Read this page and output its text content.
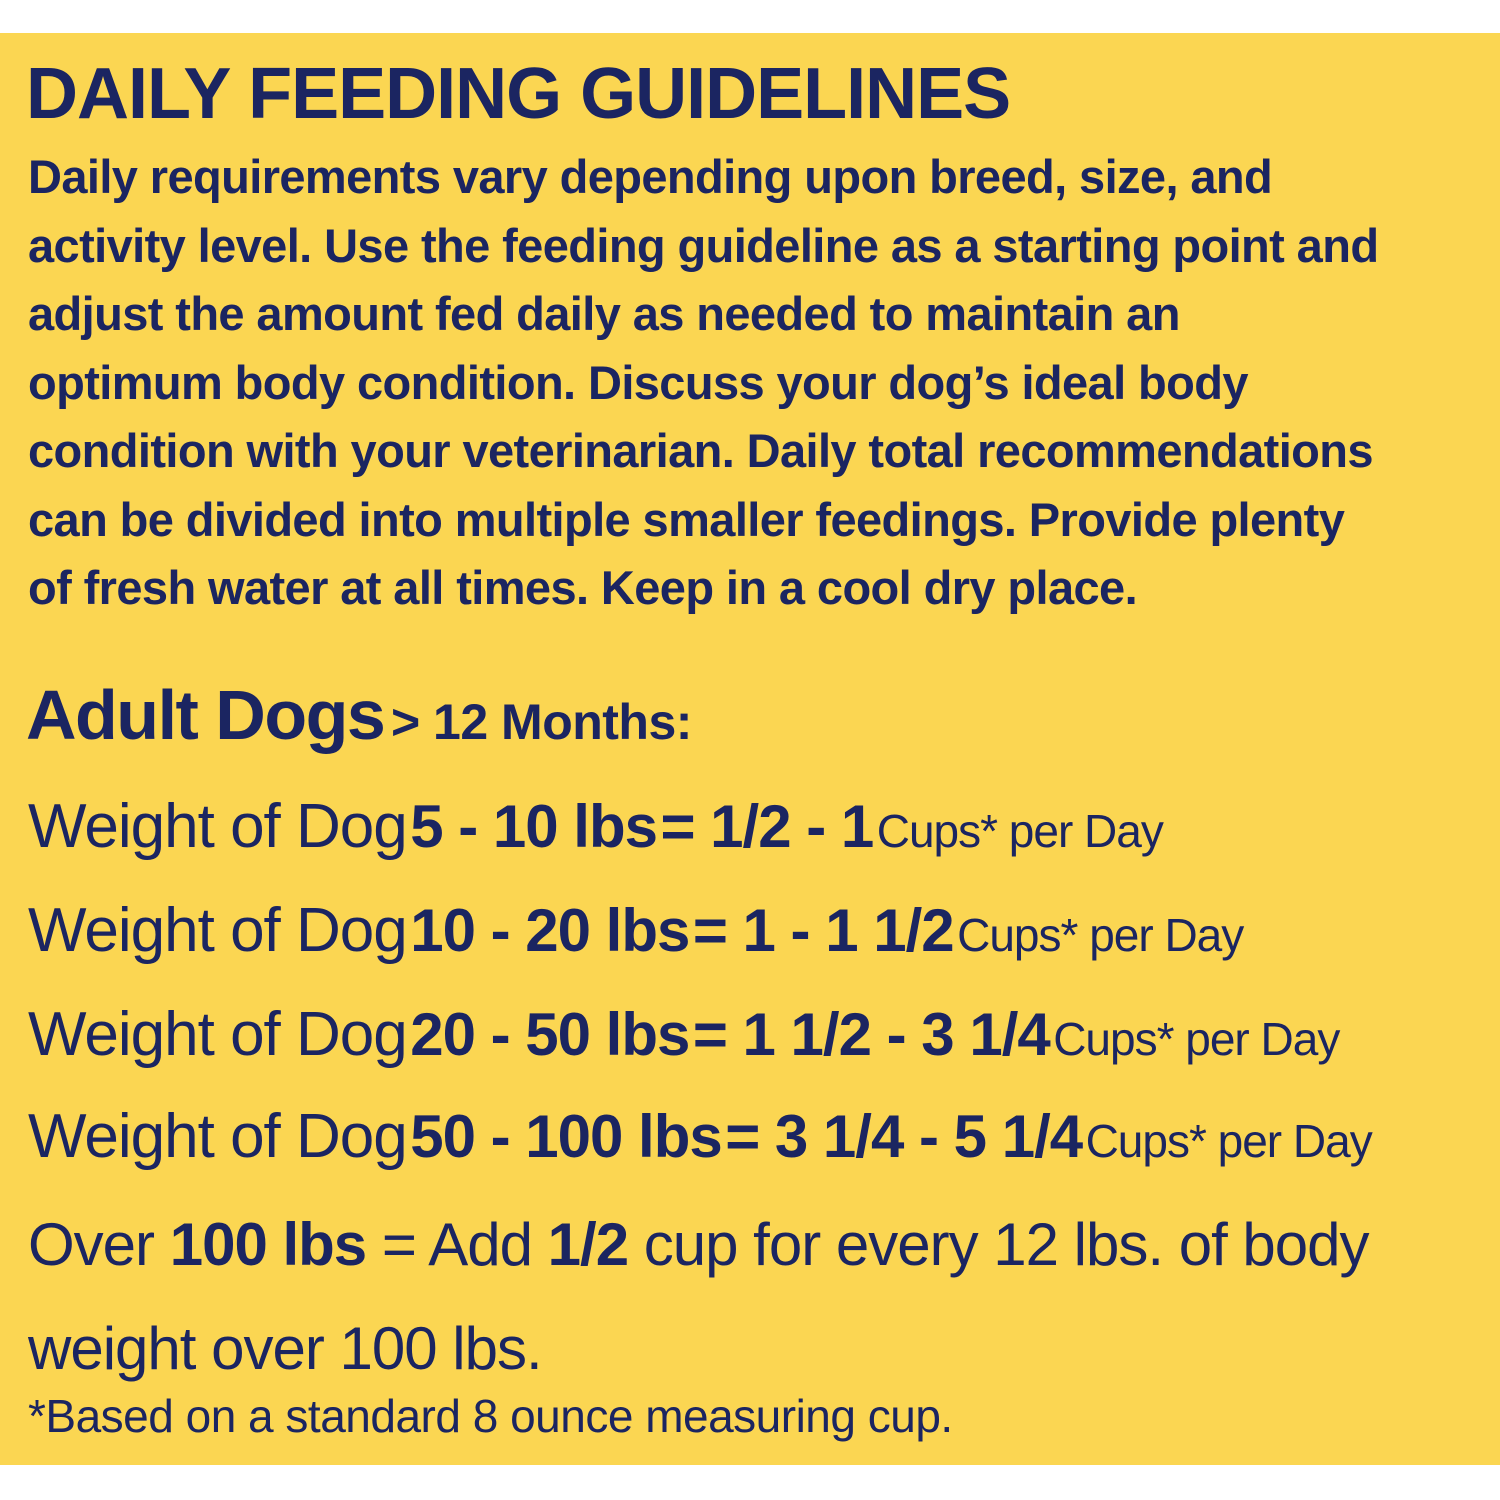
DAILY FEEDING GUIDELINES

Daily requirements vary depending upon breed, size, and
activity level. Use the feeding guideline as a starting point and
adjust the amount fed daily as needed to maintain an
optimum body condition. Discuss your dog’s ideal body
condition with your veterinarian. Daily total recommendations
can be divided into multiple smaller feedings. Provide plenty
of fresh water at all times. Keep in a cool dry place.

Adult Dogs > 12 Months:
Weight of Dog 5 - 10 lbs = 1/2 - 1 Cups* per Day
Weight of Dog 10 - 20 lbs = 1 - 1 1/2 Cups* per Day
Weight of Dog 20 - 50 lbs = 1 1/2 - 3 1/4 Cups* per Day
Weight of Dog 50 - 100 lbs = 3 1/4 - 5 1/4 Cups* per Day
Over 100 lbs = Add 1/2 cup for every 12 lbs. of body
weight over 100 lbs.
*Based on a standard 8 ounce measuring cup.
